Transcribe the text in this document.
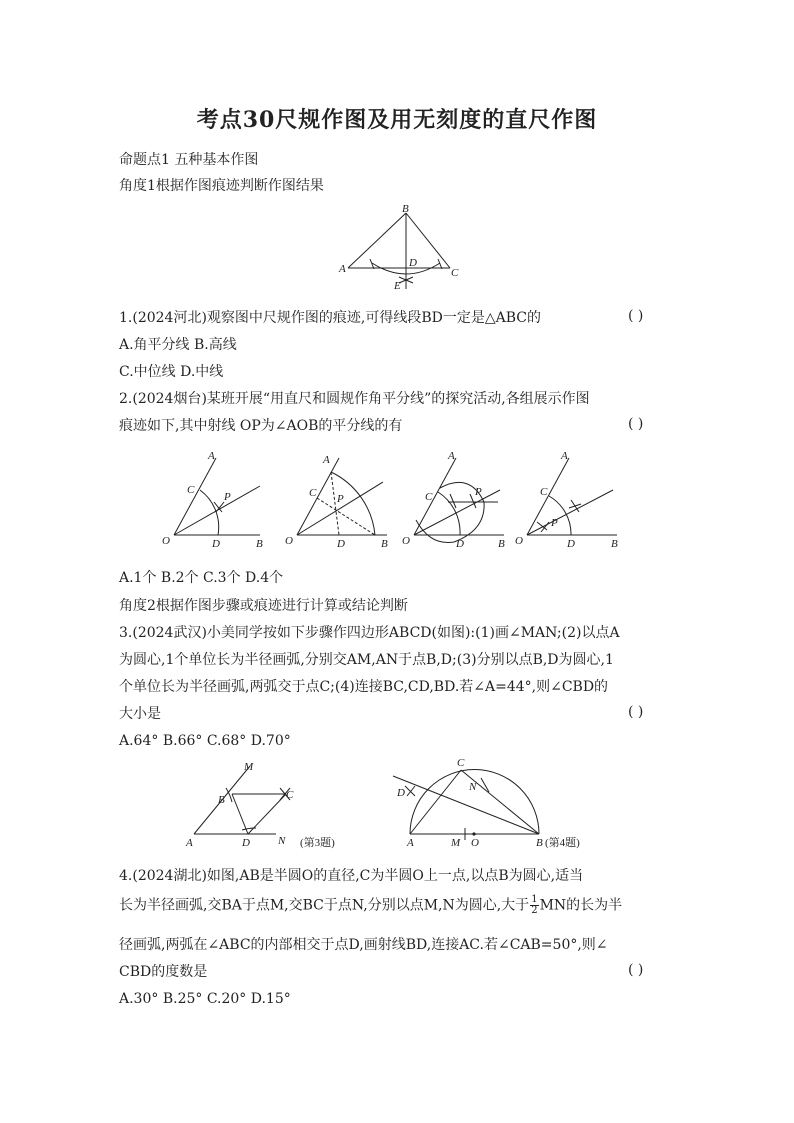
考点30尺规作图及用无刻度的直尺作图
命题点1 五种基本作图
角度1根据作图痕迹判断作图结果
B
A	C
D
E
1.(2024河北)观察图中尺规作图的痕迹,可得线段BD一定是△ABC的	( )
A.角平分线 B.高线
C.中位线 D.中线
2.(2024烟台)某班开展“用直尺和圆规作角平分线”的探究活动,各组展示作图
痕迹如下,其中射线 OP为∠AOB的平分线的有	( )
O
A
C
P
D	B O
A
C P
D	B O
A
C	P
D	B O
A
C
P
D	B
A.1个 B.2个 C.3个 D.4个
角度2根据作图步骤或痕迹进行计算或结论判断
3.(2024武汉)小美同学按如下步骤作四边形ABCD(如图):(1)画∠MAN;(2)以点A
为圆心,1个单位长为半径画弧,分别交AM,AN于点B,D;(3)分别以点B,D为圆心,1
个单位长为半径画弧,两弧交于点C;(4)连接BC,CD,BD.若∠A=44°,则∠CBD的
大小是	( )
A.64° B.66° C.68° D.70°
M
B	C
A	D	N (第3题)
C
D	N
A	M O	B (第4题)
4.(2024湖北)如图,AB是半圆O的直径,C为半圆O上一点,以点B为圆心,适当
长为半径画弧,交BA于点M,交BC于点N,分别以点M,N为圆心,大于 $\frac{1}{2}$ MN的长为半
径画弧,两弧在∠ABC的内部相交于点D,画射线BD,连接AC.若∠CAB=50°,则∠
CBD的度数是	( )
A.30° B.25° C.20° D.15°
